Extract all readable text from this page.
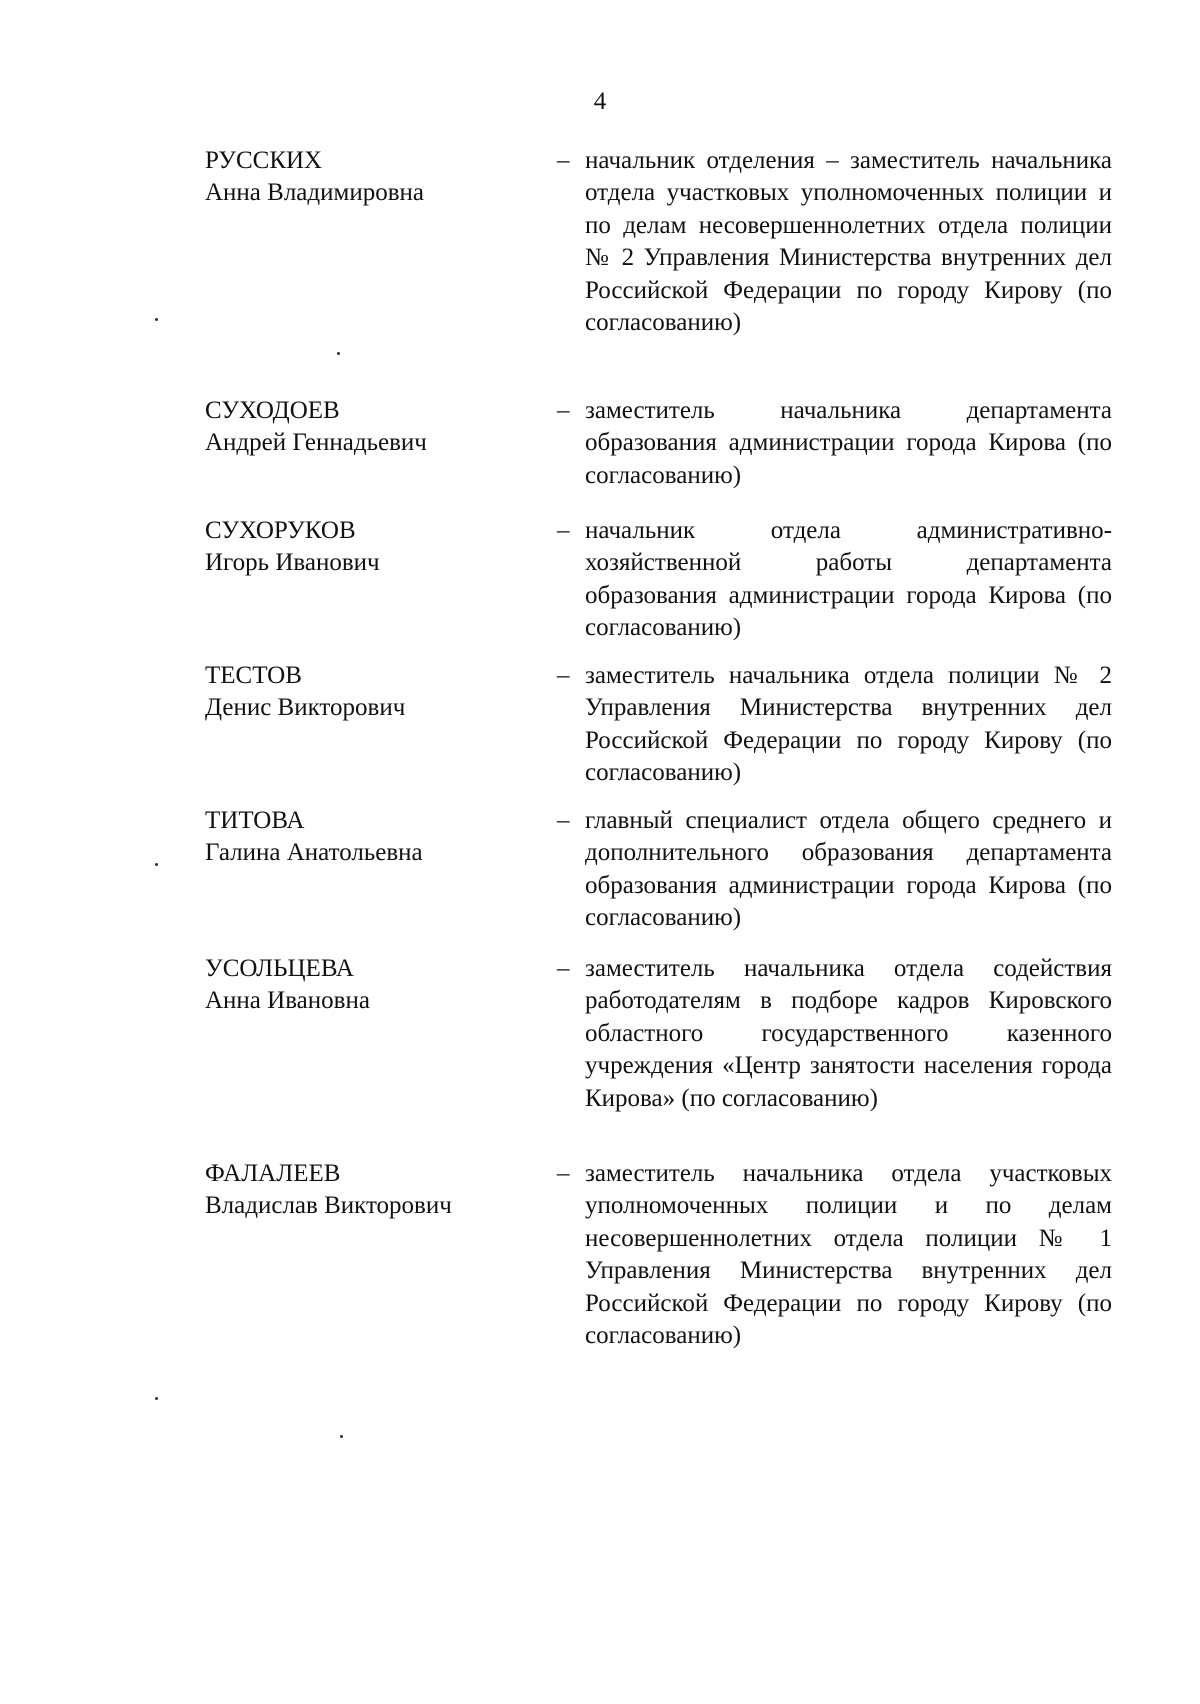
4
РУССКИХ
Анна Владимировна
– начальник отделения – заместитель начальника отдела участковых уполномоченных полиции и по делам несовершеннолетних отдела полиции № 2 Управления Министерства внутренних дел Российской Федерации по городу Кирову (по согласованию)
СУХОДОЕВ
Андрей Геннадьевич
– заместитель начальника департамента образования администрации города Кирова (по согласованию)
СУХОРУКОВ
Игорь Иванович
– начальник отдела административно-хозяйственной работы департамента образования администрации города Кирова (по согласованию)
ТЕСТОВ
Денис Викторович
– заместитель начальника отдела полиции № 2 Управления Министерства внутренних дел Российской Федерации по городу Кирову (по согласованию)
ТИТОВА
Галина Анатольевна
– главный специалист отдела общего среднего и дополнительного образования департамента образования администрации города Кирова (по согласованию)
УСОЛЬЦЕВА
Анна Ивановна
– заместитель начальника отдела содействия работодателям в подборе кадров Кировского областного государственного казенного учреждения «Центр занятости населения города Кирова» (по согласованию)
ФАЛАЛЕЕВ
Владислав Викторович
– заместитель начальника отдела участковых уполномоченных полиции и по делам несовершеннолетних отдела полиции № 1 Управления Министерства внутренних дел Российской Федерации по городу Кирову (по согласованию)
